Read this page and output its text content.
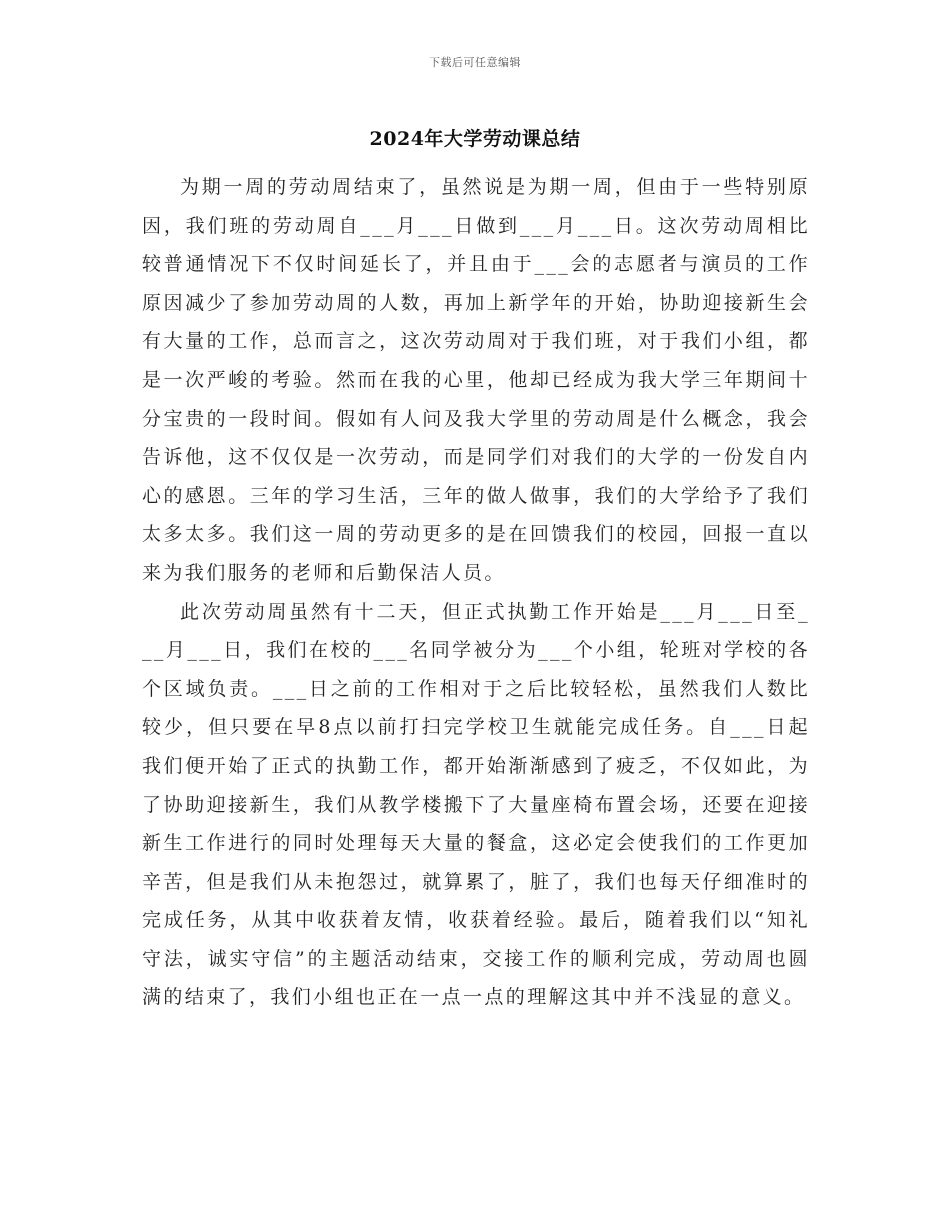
下载后可任意编辑
2024年大学劳动课总结

为期一周的劳动周结束了，虽然说是为期一周，但由于一些特别原因，我们班的劳动周自___月___日做到___月___日。这次劳动周相比较普通情况下不仅时间延长了，并且由于___会的志愿者与演员的工作原因减少了参加劳动周的人数，再加上新学年的开始，协助迎接新生会有大量的工作，总而言之，这次劳动周对于我们班，对于我们小组，都是一次严峻的考验。然而在我的心里，他却已经成为我大学三年期间十分宝贵的一段时间。假如有人问及我大学里的劳动周是什么概念，我会告诉他，这不仅仅是一次劳动，而是同学们对我们的大学的一份发自内心的感恩。三年的学习生活，三年的做人做事，我们的大学给予了我们太多太多。我们这一周的劳动更多的是在回馈我们的校园，回报一直以来为我们服务的老师和后勤保洁人员。

此次劳动周虽然有十二天，但正式执勤工作开始是___月___日至___月___日，我们在校的___名同学被分为___个小组，轮班对学校的各个区域负责。___日之前的工作相对于之后比较轻松，虽然我们人数比较少，但只要在早8点以前打扫完学校卫生就能完成任务。自___日起我们便开始了正式的执勤工作，都开始渐渐感到了疲乏，不仅如此，为了协助迎接新生，我们从教学楼搬下了大量座椅布置会场，还要在迎接新生工作进行的同时处理每天大量的餐盒，这必定会使我们的工作更加辛苦，但是我们从未抱怨过，就算累了，脏了，我们也每天仔细准时的完成任务，从其中收获着友情，收获着经验。最后，随着我们以“知礼守法，诚实守信”的主题活动结束，交接工作的顺利完成，劳动周也圆满的结束了，我们小组也正在一点一点的理解这其中并不浅显的意义。
